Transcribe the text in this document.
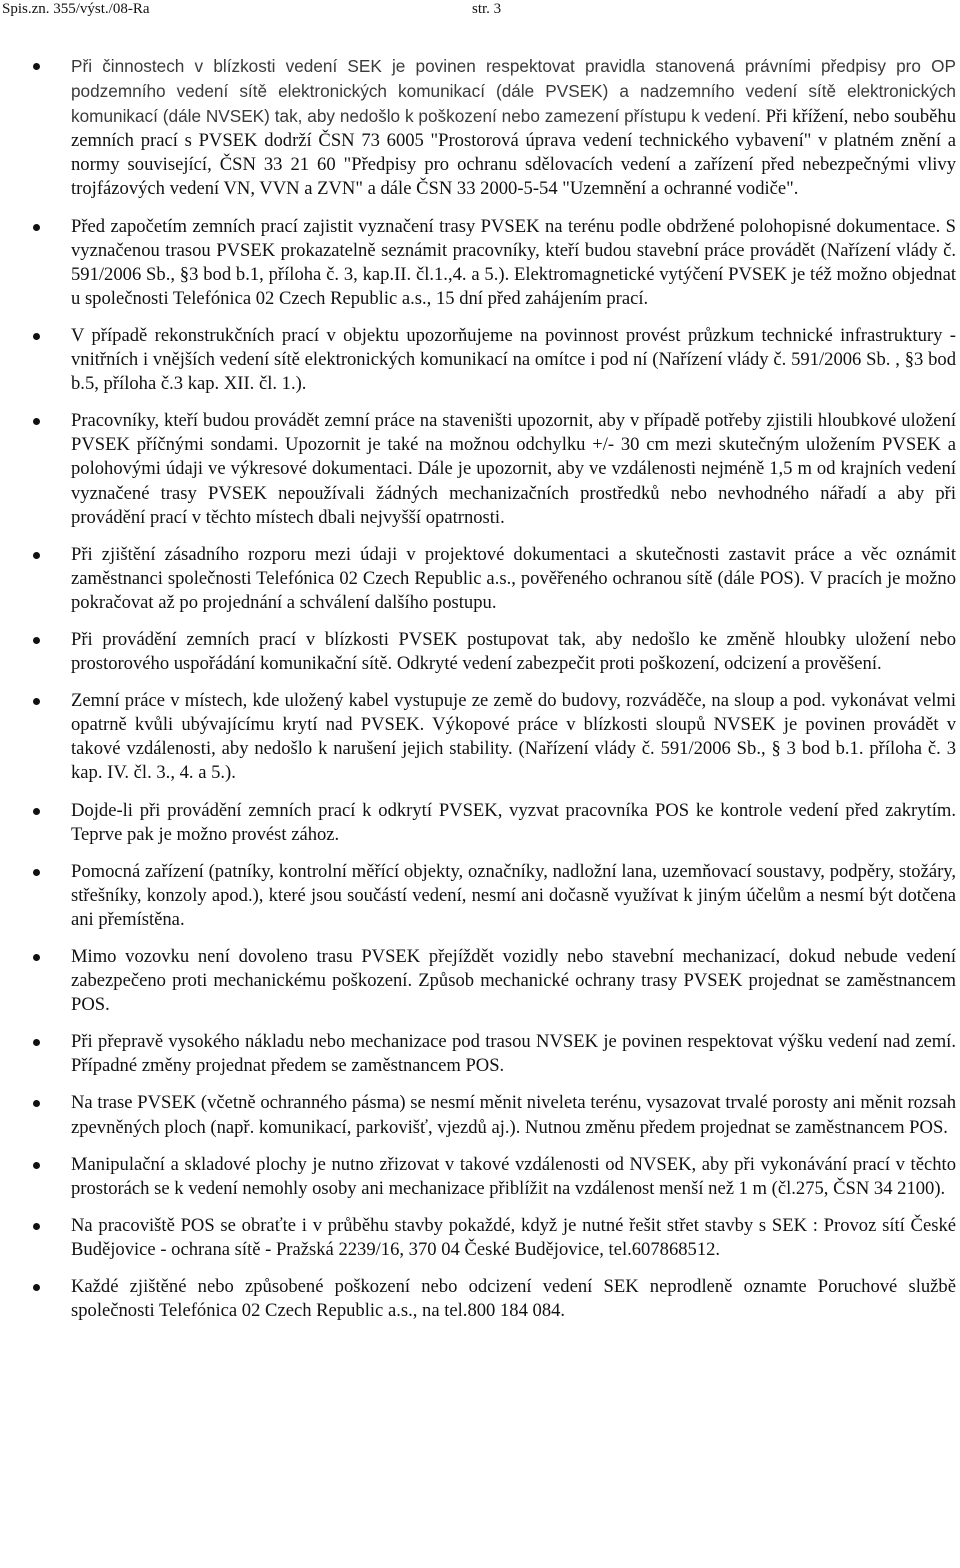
Spis.zn. 355/výst./08-Ra	str. 3
Při činnostech v blízkosti vedení SEK je povinen respektovat pravidla stanovená právními předpisy pro OP podzemního vedení sítě elektronických komunikací (dále PVSEK) a nadzemního vedení sítě elektronických komunikací (dále NVSEK) tak, aby nedošlo k poškození nebo zamezení přístupu k vedení. Při křížení, nebo souběhu zemních prací s PVSEK dodrží ČSN 73 6005 "Prostorová úprava vedení technického vybavení" v platném znění a normy související, ČSN 33 21 60 "Předpisy pro ochranu sdělovacích vedení a zařízení před nebezpečnými vlivy trojfázových vedení VN, VVN a ZVN" a dále ČSN 33 2000-5-54 "Uzemnění a ochranné vodiče".
Před započetím zemních prací zajistit vyznačení trasy PVSEK na terénu podle obdržené polohopisné dokumentace. S vyznačenou trasou PVSEK prokazatelně seznámit pracovníky, kteří budou stavební práce provádět (Nařízení vlády č. 591/2006 Sb., §3 bod b.1, příloha č. 3, kap.II. čl.1.,4. a 5.). Elektromagnetické vytýčení PVSEK je též možno objednat u společnosti Telefónica 02 Czech Republic a.s., 15 dní před zahájením prací.
V případě rekonstrukčních prací v objektu upozorňujeme na povinnost provést průzkum technické infrastruktury - vnitřních i vnějších vedení sítě elektronických komunikací na omítce i pod ní (Nařízení vlády č. 591/2006 Sb. , §3 bod b.5, příloha č.3 kap. XII. čl. 1.).
Pracovníky, kteří budou provádět zemní práce na staveništi upozornit, aby v případě potřeby zjistili hloubkové uložení PVSEK příčnými sondami. Upozornit je také na možnou odchylku +/- 30 cm mezi skutečným uložením PVSEK a polohovými údaji ve výkresové dokumentaci. Dále je upozornit, aby ve vzdálenosti nejméně 1,5 m od krajních vedení vyznačené trasy PVSEK nepoužívali žádných mechanizačních prostředků nebo nevhodného nářadí a aby při provádění prací v těchto místech dbali nejvyšší opatrnosti.
Při zjištění zásadního rozporu mezi údaji v projektové dokumentaci a skutečnosti zastavit práce a věc oznámit zaměstnanci společnosti Telefónica 02 Czech Republic a.s., pověřeného ochranou sítě (dále POS). V pracích je možno pokračovat až po projednání a schválení dalšího postupu.
Při provádění zemních prací v blízkosti PVSEK postupovat tak, aby nedošlo ke změně hloubky uložení nebo prostorového uspořádání komunikační sítě. Odkryté vedení zabezpečit proti poškození, odcizení a prověšení.
Zemní práce v místech, kde uložený kabel vystupuje ze země do budovy, rozváděče, na sloup a pod. vykonávat velmi opatrně kvůli ubývajícímu krytí nad PVSEK. Výkopové práce v blízkosti sloupů NVSEK je povinen provádět v takové vzdálenosti, aby nedošlo k narušení jejich stability. (Nařízení vlády č. 591/2006 Sb., § 3 bod b.1. příloha č. 3 kap. IV. čl. 3., 4. a 5.).
Dojde-li při provádění zemních prací k odkrytí PVSEK, vyzvat pracovníka POS ke kontrole vedení před zakrytím. Teprve pak je možno provést zához.
Pomocná zařízení (patníky, kontrolní měřící objekty, označníky, nadložní lana, uzemňovací soustavy, podpěry, stožáry, střešníky, konzoly apod.), které jsou součástí vedení, nesmí ani dočasně využívat k jiným účelům a nesmí být dotčena ani přemístěna.
Mimo vozovku není dovoleno trasu PVSEK přejíždět vozidly nebo stavební mechanizací, dokud nebude vedení zabezpečeno proti mechanickému poškození. Způsob mechanické ochrany trasy PVSEK projednat se zaměstnancem POS.
Při přepravě vysokého nákladu nebo mechanizace pod trasou NVSEK je povinen respektovat výšku vedení nad zemí. Případné změny projednat předem se zaměstnancem POS.
Na trase PVSEK (včetně ochranného pásma) se nesmí měnit niveleta terénu, vysazovat trvalé porosty ani měnit rozsah zpevněných ploch (např. komunikací, parkovišť, vjezdů aj.). Nutnou změnu předem projednat se zaměstnancem POS.
Manipulační a skladové plochy je nutno zřizovat v takové vzdálenosti od NVSEK, aby při vykonávání prací v těchto prostorách se k vedení nemohly osoby ani mechanizace přiblížit na vzdálenost menší než 1 m (čl.275, ČSN 34 2100).
Na pracoviště POS se obraťte i v průběhu stavby pokaždé, když je nutné řešit střet stavby s SEK : Provoz sítí České Budějovice - ochrana sítě - Pražská 2239/16, 370 04 České Budějovice, tel.607868512.
Každé zjištěné nebo způsobené poškození nebo odcizení vedení SEK neprodleně oznamte Poruchové službě společnosti Telefónica 02 Czech Republic a.s., na tel.800 184 084.
